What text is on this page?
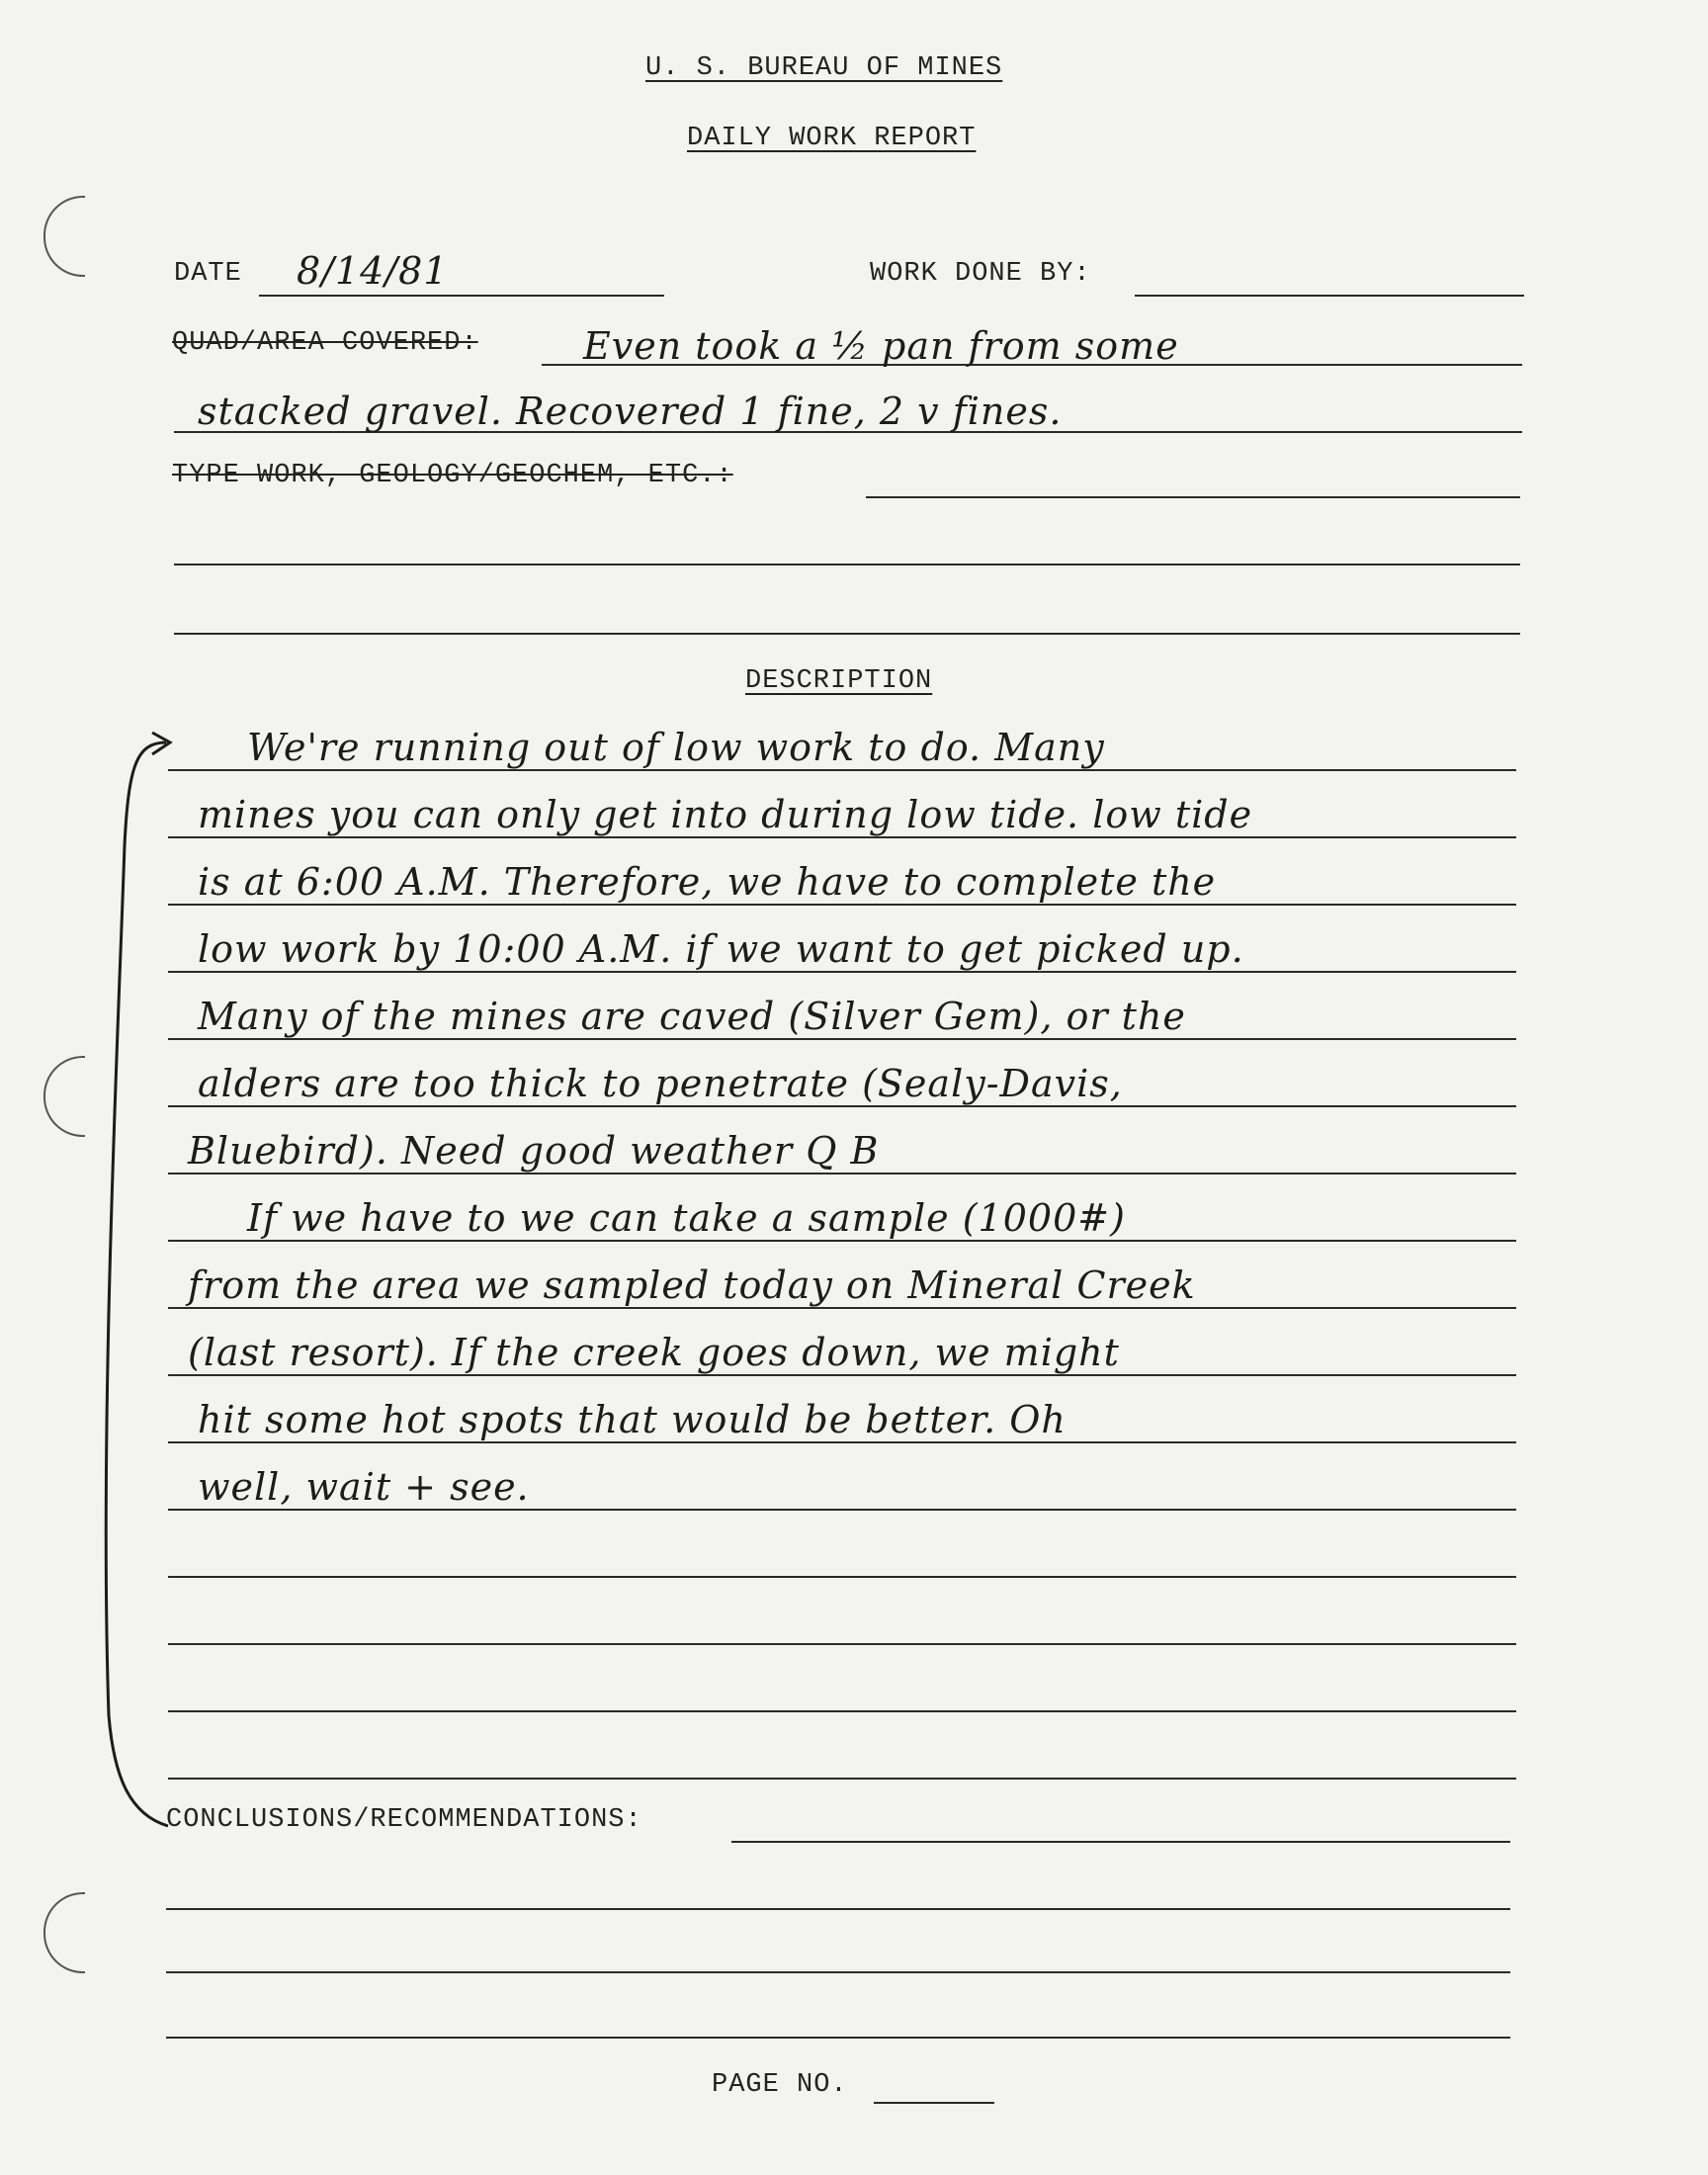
U. S. BUREAU OF MINES
DAILY WORK REPORT
DATE 8/14/81	WORK DONE BY:
QUAD/AREA COVERED:	Even took a ½ pan from some
stacked gravel. Recovered 1 fine, 2 v fines.
TYPE WORK, GEOLOGY/GEOCHEM, ETC.:
DESCRIPTION
We're running out of low work to do. Many
mines you can only get into during low tide. low tide
is at 6:00 A.M. Therefore, we have to complete the
low work by 10:00 A.M. if we want to get picked up.
Many of the mines are caved (Silver Gem), or the
alders are too thick to penetrate (Sealy-Davis,
Bluebird). Need good weather Q B
If we have to we can take a sample (1000#)
from the area we sampled today on Mineral Creek
(last resort). If the creek goes down, we might
hit some hot spots that would be better. Oh
well, wait + see.
CONCLUSIONS/RECOMMENDATIONS:
PAGE NO.
